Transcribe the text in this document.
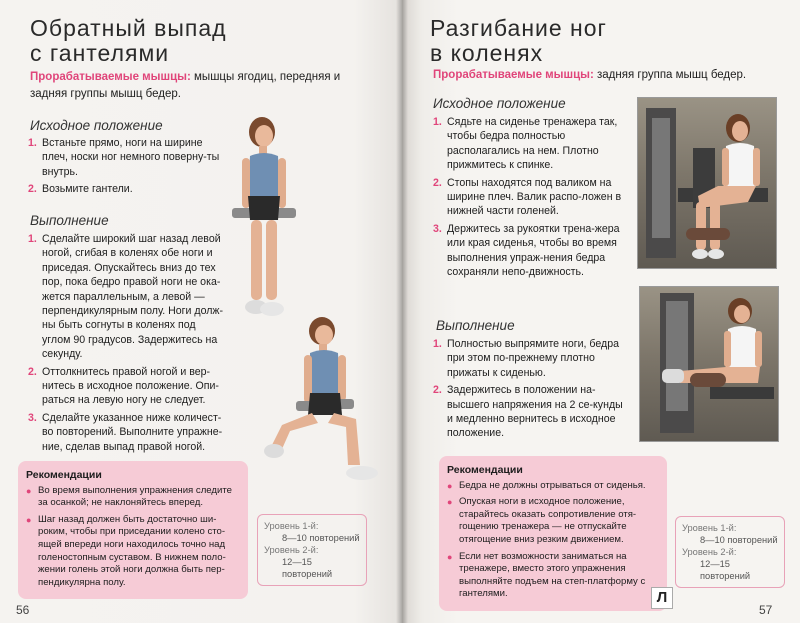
Обратный выпад
с гантелями
Прорабатываемые мышцы: мышцы ягодиц, передняя и задняя группы мышц бедер.
Исходное положение
1. Встаньте прямо, ноги на ширине плеч, носки ног немного поверну-ты внутрь.
2. Возьмите гантели.
Выполнение
1. Сделайте широкий шаг назад левой ногой, сгибая в коленях обе ноги и приседая. Опускайтесь вниз до тех пор, пока бедро правой ноги не ока-жется параллельным, а левой — перпендикулярным полу. Ноги долж-ны быть согнуты в коленях под углом 90 градусов. Задержитесь на секунду.
2. Оттолкнитесь правой ногой и вер-нитесь в исходное положение. Опи-раться на левую ногу не следует.
3. Сделайте указанное ниже количест-во повторений. Выполните упражне-ние, сделав выпад правой ногой.
Рекомендации
● Во время выполнения упражнения следите за осанкой; не наклоняйтесь вперед.
● Шаг назад должен быть достаточно ши-роким, чтобы при приседании колено сто-ящей впереди ноги находилось точно над голеностопным суставом. В нижнем поло-жении голень этой ноги должна быть пер-пендикулярна полу.
Уровень 1-й:
8—10 повторений
Уровень 2-й:
12—15 повторений
56
Разгибание ног
в коленях
Прорабатываемые мышцы: задняя группа мышц бедер.
Исходное положение
1. Сядьте на сиденье тренажера так, чтобы бедра полностью располагались на нем. Плотно прижмитесь к спинке.
2. Стопы находятся под валиком на ширине плеч. Валик распо-ложен в нижней части голеней.
3. Держитесь за рукоятки трена-жера или края сиденья, чтобы во время выполнения упраж-нения бедра сохраняли непо-движность.
Выполнение
1. Полностью выпрямите ноги, бедра при этом по-прежнему плотно прижаты к сиденью.
2. Задержитесь в положении на-высшего напряжения на 2 се-кунды и медленно вернитесь в исходное положение.
Рекомендации
● Бедра не должны отрываться от сиденья.
● Опуская ноги в исходное положение, старайтесь оказать сопротивление отя-гощению тренажера — не отпускайте отягощение вниз резким движением.
● Если нет возможности заниматься на тренажере, вместо этого упражнения выполняйте подъем на степ-платформу с гантелями.
Уровень 1-й:
8—10 повторений
Уровень 2-й:
12—15 повторений
57
Л
